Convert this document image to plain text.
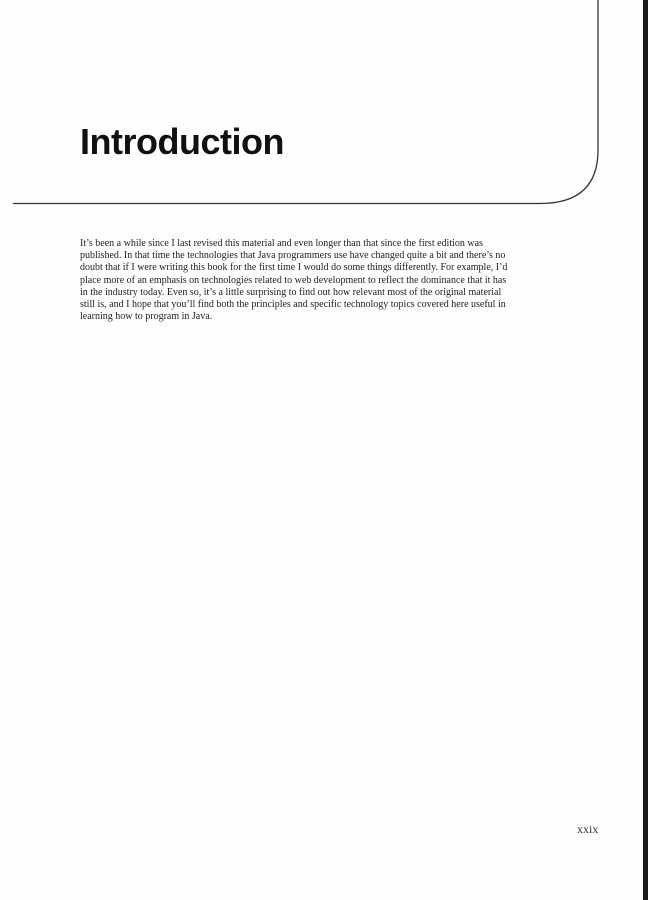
Introduction

It’s been a while since I last revised this material and even longer than that since the first edition was
published. In that time the technologies that Java programmers use have changed quite a bit and there’s no
doubt that if I were writing this book for the first time I would do some things differently. For example, I’d
place more of an emphasis on technologies related to web development to reflect the dominance that it has
in the industry today. Even so, it’s a little surprising to find out how relevant most of the original material
still is, and I hope that you’ll find both the principles and specific technology topics covered here useful in
learning how to program in Java.

xxix
